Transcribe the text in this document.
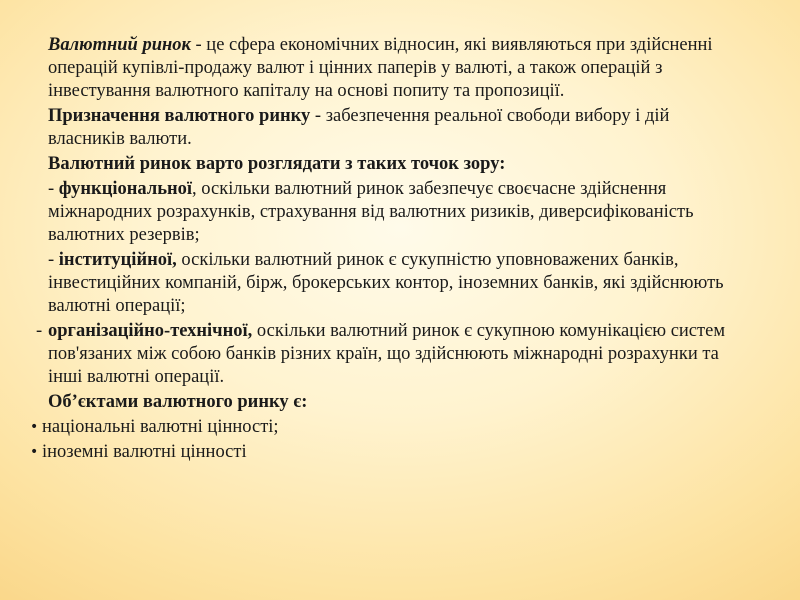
Валютний ринок - це сфера економічних відносин, які виявляються при здійсненні операцій купівлі-продажу валют і цінних паперів у валюті, а також операцій з інвестування валютного капіталу на основі попиту та пропозиції.

Призначення валютного ринку - забезпечення реальної свободи вибору і дій власників валюти.

Валютний ринок варто розглядати з таких точок зору:

- функціональної, оскільки валютний ринок забезпечує своєчасне здійснення міжнародних розрахунків, страхування від валютних ризиків, диверсифікованість валютних резервів;

- інституційної, оскільки валютний ринок є сукупністю уповноважених банків, інвестиційних компаній, бірж, брокерських контор, іноземних банків, які здійснюють валютні операції;

- організаційно-технічної, оскільки валютний ринок є сукупною комунікацією систем пов'язаних між собою банків різних країн, що здійснюють міжнародні розрахунки та інші валютні операції.

Об’єктами валютного ринку є:

• національні валютні цінності;

• іноземні валютні цінності
